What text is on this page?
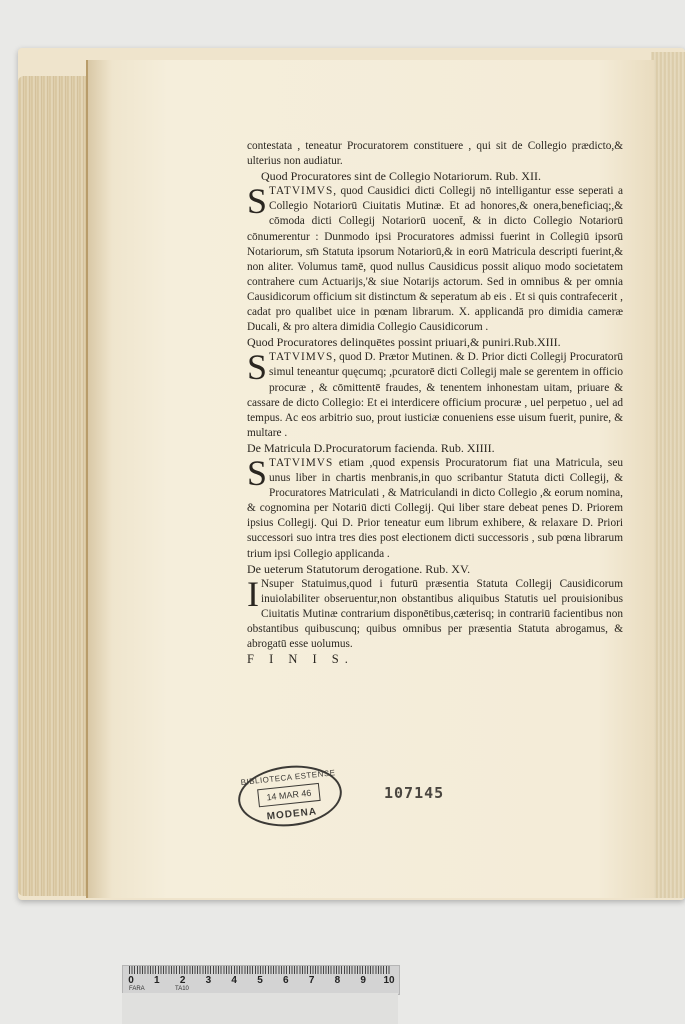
contestata , teneatur Procuratorem constituere , qui sit de Collegio prædicto,& ulterius non audiatur.

Quod Procuratores sint de Collegio Notariorum. Rub. XII.

STATVIMVS, quod Causidici dicti Collegij nō intelligantur esse seperati a Collegio Notariorū Ciuitatis Mutinæ. Et ad honores,& onera,beneficiaq;,& cōmoda dicti Collegij Notariorū uocent̄, & in dicto Collegio Notariorū cōnumerentur : Dunmodo ipsi Procuratores admissi fuerint in Collegiū ipsorū Notariorum, sm̄ Statuta ipsorum Notariorū,& in eorū Matricula descripti fuerint,& non aliter. Volumus tamē, quod nullus Causidicus possit aliquo modo societatem contrahere cum Actuarijs,'& siue Notarijs actorum. Sed in omnibus & per omnia Causidicorum officium sit distinctum & seperatum ab eis . Et si quis contrafecerit , cadat pro qualibet uice in pœnam librarum. X. applicandā pro dimidia cameræ Ducali, & pro altera dimidia Collegio Causidicorum .

Quod Procuratores delinquētes possint priuari,& puniri.Rub.XIII.

STATVIMVS, quod D. Prætor Mutinen. & D. Prior dicti Collegij Procuratorū simul teneantur quęcumq; ,pcuratorē dicti Collegij male se gerentem in officio procuræ , & cōmittentē fraudes, & tenentem inhonestam uitam, priuare & cassare de dicto Collegio: Et ei interdicere officium procuræ , uel perpetuo , uel ad tempus. Ac eos arbitrio suo, prout iusticiæ conueniens esse uisum fuerit, punire, & multare .

De Matricula D.Procuratorum facienda. Rub. XIIII.

STATVIMVS etiam ,quod expensis Procuratorum fiat una Matricula, seu unus liber in chartis menbranis,in quo scribantur Statuta dicti Collegij, & Procuratores Matriculati , & Matriculandi in dicto Collegio ,& eorum nomina, & cognomina per Notariū dicti Collegij. Qui liber stare debeat penes D. Priorem ipsius Collegij. Qui D. Prior teneatur eum librum exhibere, & relaxare D. Priori successori suo intra tres dies post electionem dicti successoris , sub pœna librarum trium ipsi Collegio applicanda .

De ueterum Statutorum derogatione. Rub. XV.

I Nsuper Statuimus,quod i futurū præsentia Statuta Collegij Causidicorum inuiolabiliter obseruentur,non obstantibus aliquibus Statutis uel prouisionibus Ciuitatis Mutinæ contrarium disponētibus,cæterisq; in contrariū facientibus non obstantibus quibuscunq; quibus omnibus per præsentia Statuta abrogamus, & abrogatū esse uolumus.

F I N I S.

BIBLIOTECA ESTENSE
14 MAR 46
MODENA
107145
0 1 2 3 4 5 6 7 8 9 10
FARA	TA10
